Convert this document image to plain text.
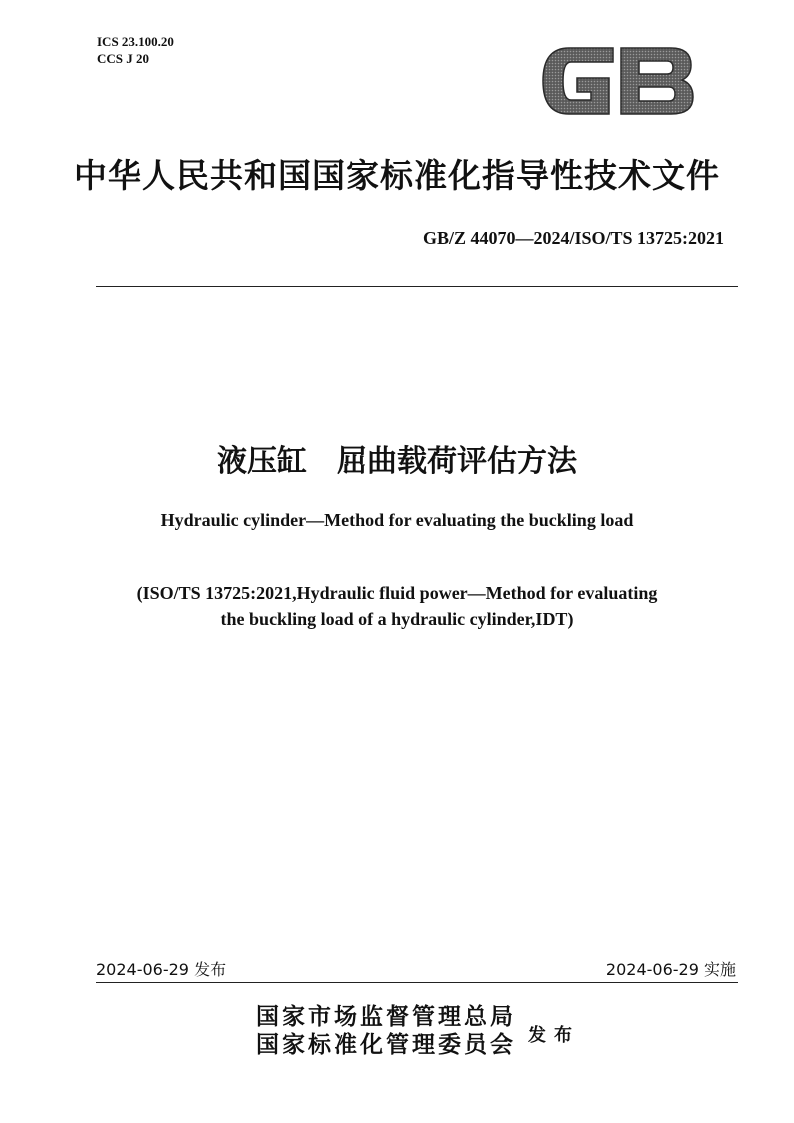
ICS 23.100.20
CCS J 20
中华人民共和国国家标准化指导性技术文件
GB/Z 44070—2024/ISO/TS 13725:2021
液压缸　屈曲载荷评估方法
Hydraulic cylinder—Method for evaluating the buckling load
(ISO/TS 13725:2021,Hydraulic fluid power—Method for evaluating
the buckling load of a hydraulic cylinder,IDT)
2024-06-29 发布	2024-06-29 实施
国家市场监督管理总局
国家标准化管理委员会 发布
